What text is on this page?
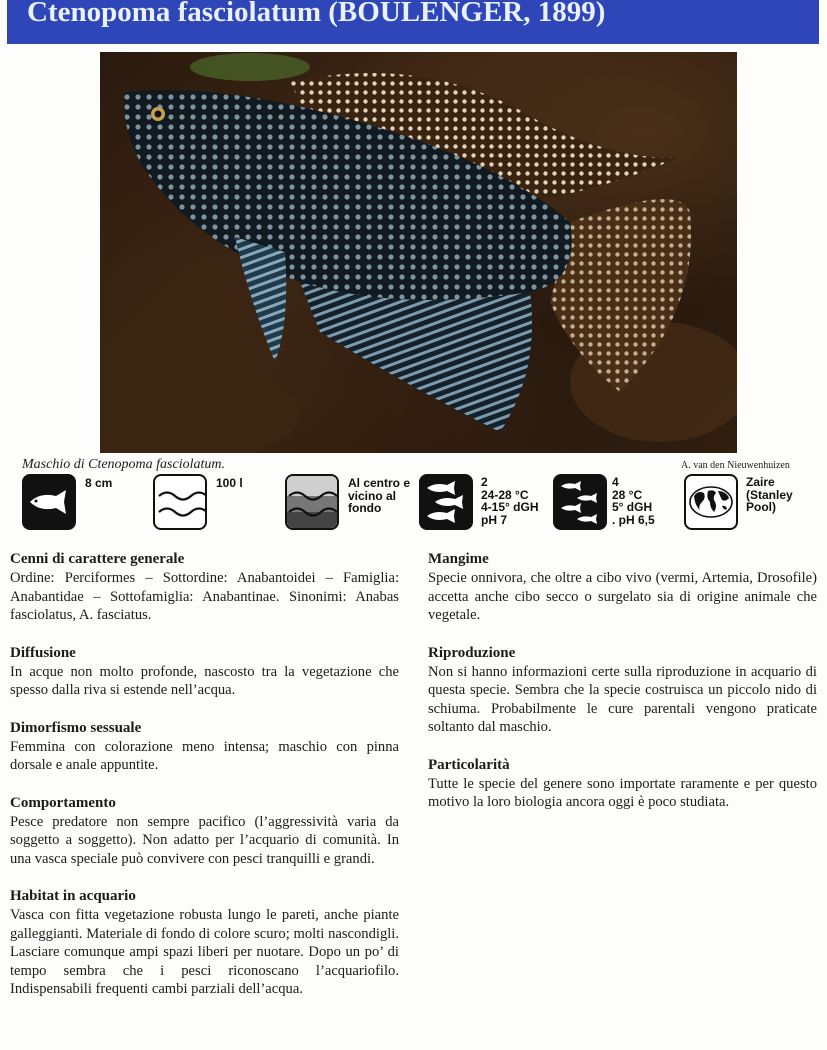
Ctenopoma fasciolatum (BOULENGER, 1899)
Maschio di Ctenopoma fasciolatum.	A. van den Nieuwenhuizen
8 cm	100 l	Al centro e
vicino al
fondo
2
24-28 °C
4-15° dGH
pH 7
4
28 °C
5° dGH
. pH 6,5
Zaire
(Stanley
Pool)
Cenni di carattere generale

Ordine: Perciformes – Sottordine: Anabantoidei – Famiglia: Anabantidae – Sottofamiglia: Anabantinae. Sinonimi: Anabas fasciolatus, A. fasciatus.

Diffusione

In acque non molto profonde, nascosto tra la vegetazione che spesso dalla riva si estende nell’acqua.

Dimorfismo sessuale

Femmina con colorazione meno intensa; maschio con pinna dorsale e anale appuntite.

Comportamento

Pesce predatore non sempre pacifico (l’aggressività varia da soggetto a soggetto). Non adatto per l’acquario di comunità. In una vasca speciale può convivere con pesci tranquilli e grandi.

Habitat in acquario

Vasca con fitta vegetazione robusta lungo le pareti, anche piante galleggianti. Materiale di fondo di colore scuro; molti nascondigli. Lasciare comunque ampi spazi liberi per nuotare. Dopo un po’ di tempo sembra che i pesci riconoscano l’acquariofilo. Indispensabili frequenti cambi parziali dell’acqua.

Mangime

Specie onnivora, che oltre a cibo vivo (vermi, Artemia, Drosofile) accetta anche cibo secco o surgelato sia di origine animale che vegetale.

Riproduzione

Non si hanno informazioni certe sulla riproduzione in acquario di questa specie. Sembra che la specie costruisca un piccolo nido di schiuma. Probabilmente le cure parentali vengono praticate soltanto dal maschio.

Particolarità

Tutte le specie del genere sono importate raramente e per questo motivo la loro biologia ancora oggi è poco studiata.
